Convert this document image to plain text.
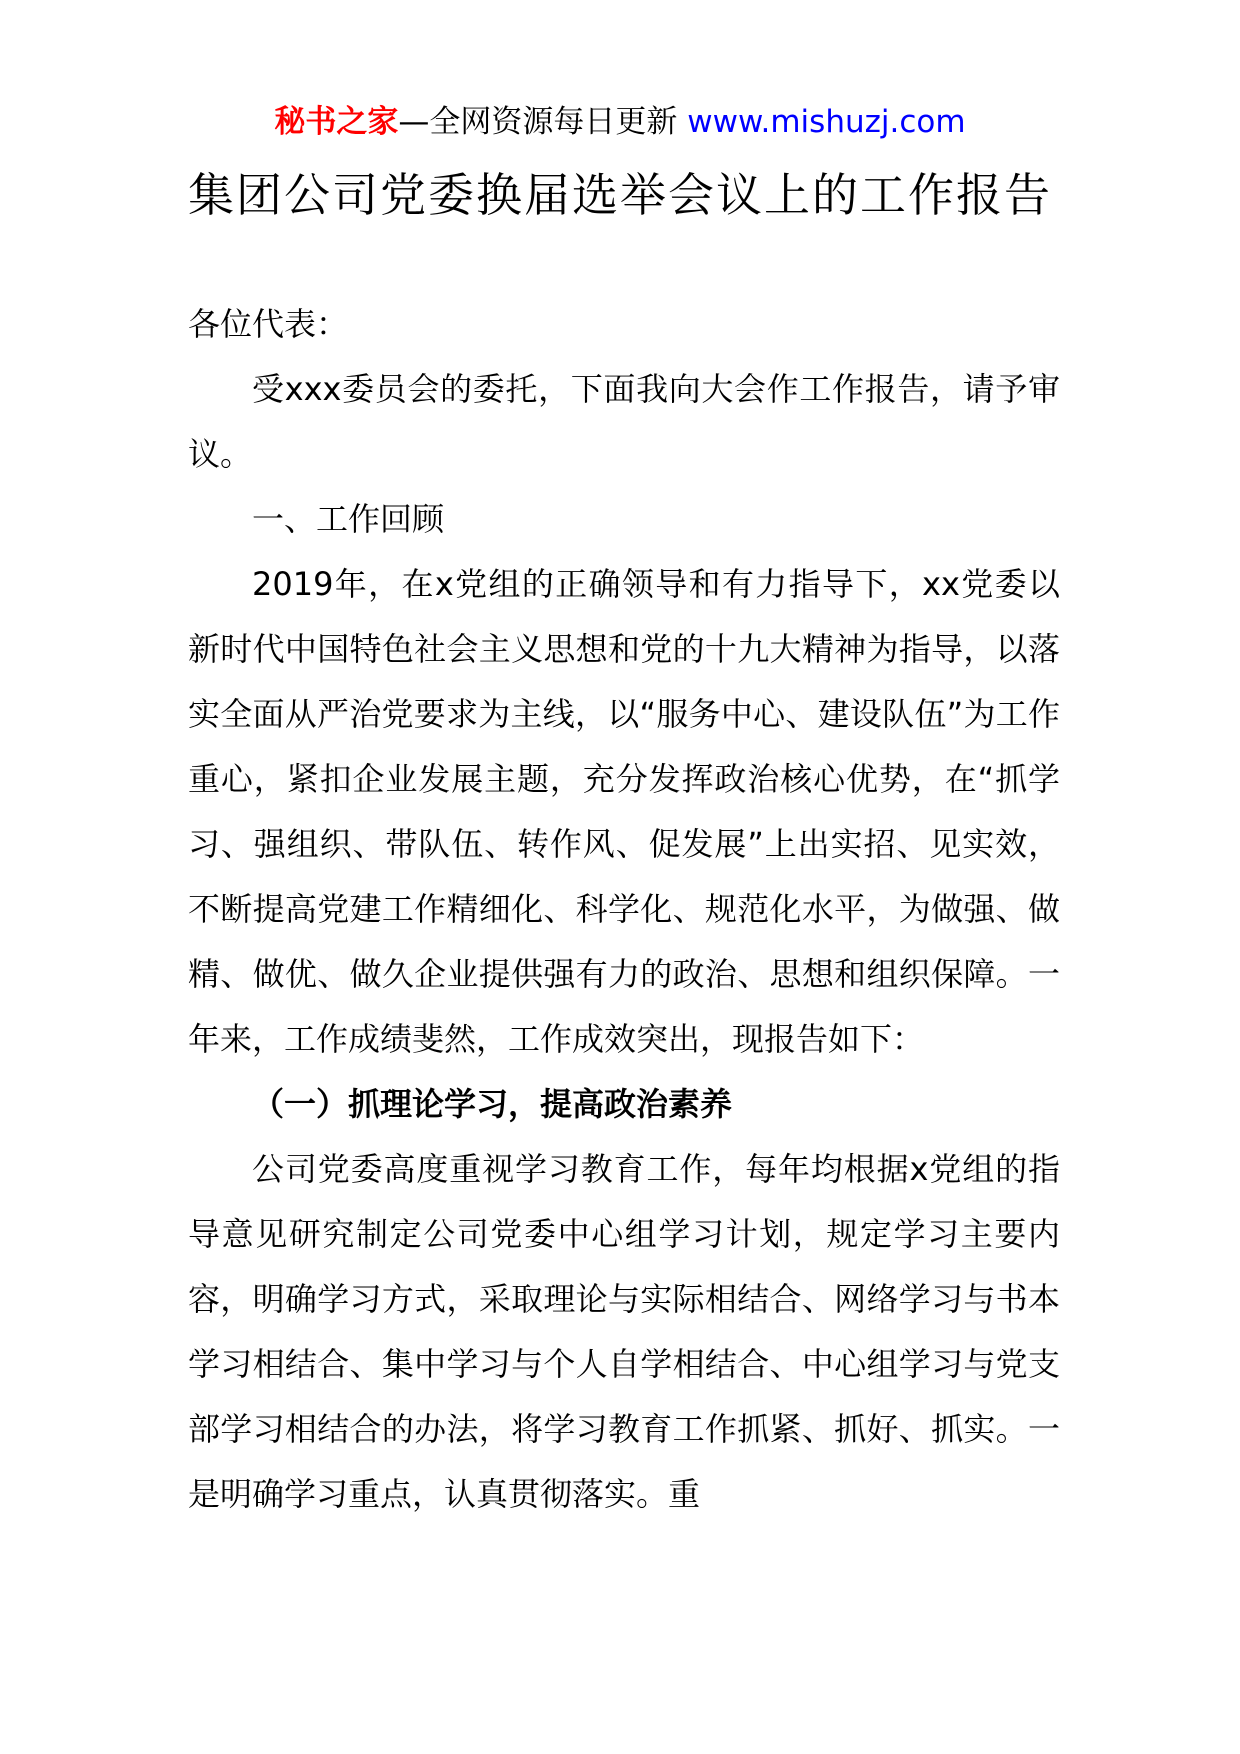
秘书之家—全网资源每日更新 www.mishuzj.com
集团公司党委换届选举会议上的工作报告

各位代表：

受xxx委员会的委托，下面我向大会作工作报告，请予审议。

一、工作回顾

2019年，在x党组的正确领导和有力指导下，xx党委以新时代中国特色社会主义思想和党的十九大精神为指导，以落实全面从严治党要求为主线，以“服务中心、建设队伍”为工作重心，紧扣企业发展主题，充分发挥政治核心优势，在“抓学习、强组织、带队伍、转作风、促发展”上出实招、见实效，不断提高党建工作精细化、科学化、规范化水平，为做强、做精、做优、做久企业提供强有力的政治、思想和组织保障。一年来，工作成绩斐然，工作成效突出，现报告如下：

（一）抓理论学习，提高政治素养

公司党委高度重视学习教育工作，每年均根据x党组的指导意见研究制定公司党委中心组学习计划，规定学习主要内容，明确学习方式，采取理论与实际相结合、网络学习与书本学习相结合、集中学习与个人自学相结合、中心组学习与党支部学习相结合的办法，将学习教育工作抓紧、抓好、抓实。一是明确学习重点，认真贯彻落实。重
